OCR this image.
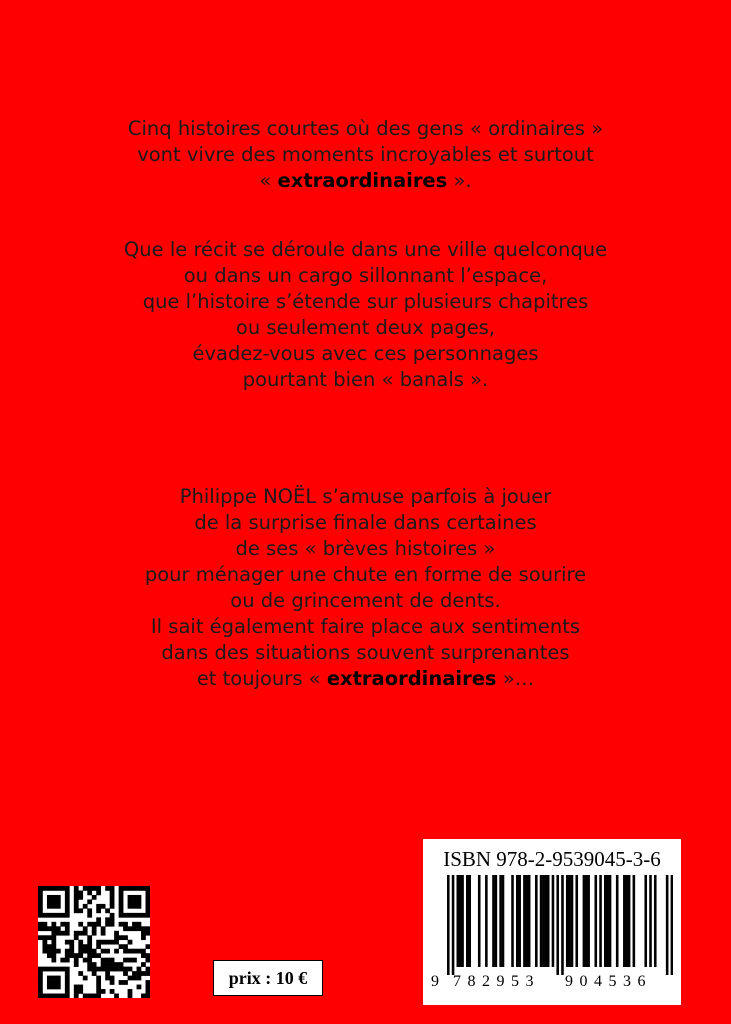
Cinq histoires courtes où des gens « ordinaires »
vont vivre des moments incroyables et surtout
« extraordinaires ».
Que le récit se déroule dans une ville quelconque
ou dans un cargo sillonnant l’espace,
que l’histoire s’étende sur plusieurs chapitres
ou seulement deux pages,
évadez-vous avec ces personnages
pourtant bien « banals ».
Philippe NOËL s’amuse parfois à jouer
de la surprise finale dans certaines
de ses « brèves histoires »
pour ménager une chute en forme de sourire
ou de grincement de dents.
Il sait également faire place aux sentiments
dans des situations souvent surprenantes
et toujours « extraordinaires »…
prix : 10 €
ISBN 978-2-9539045-3-6
9 782953 904536
